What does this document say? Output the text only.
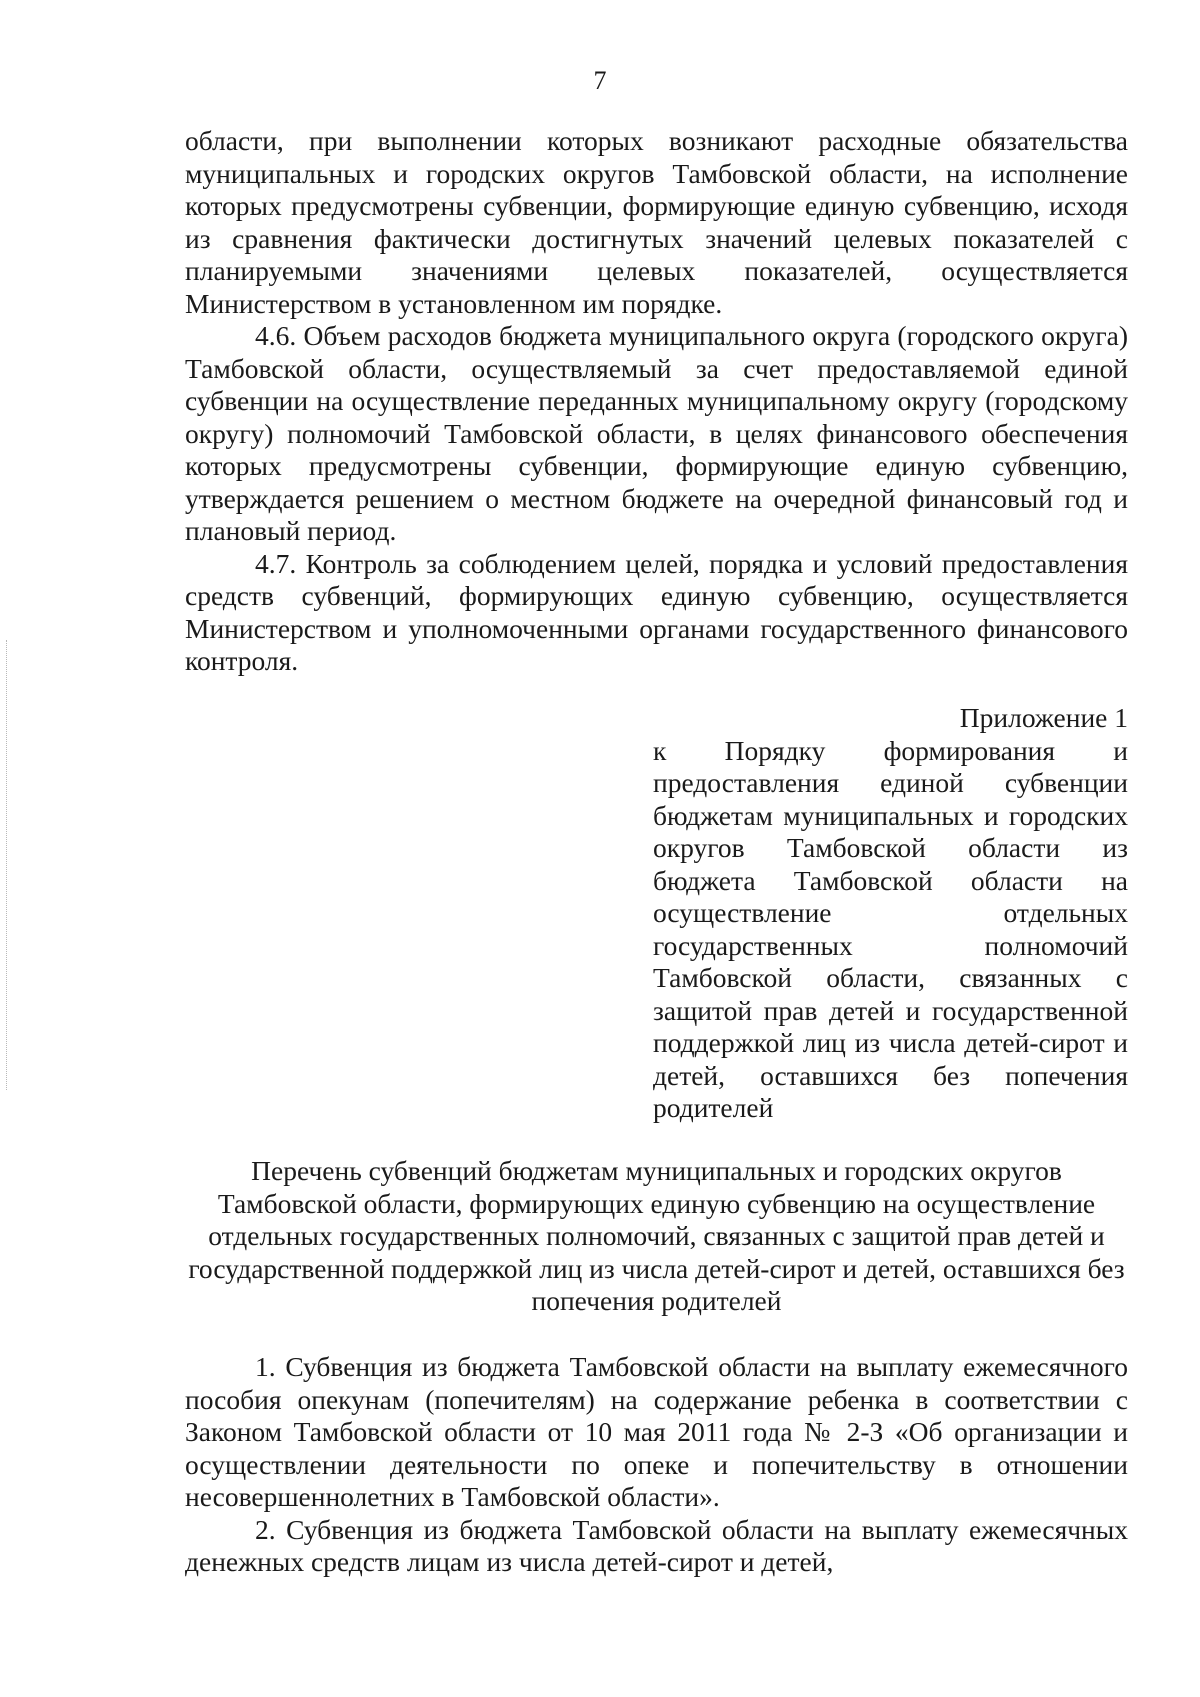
7

области, при выполнении которых возникают расходные обязательства муниципальных и городских округов Тамбовской области, на исполнение которых предусмотрены субвенции, формирующие единую субвенцию, исходя из сравнения фактически достигнутых значений целевых показателей с планируемыми значениями целевых показателей, осуществляется Министерством в установленном им порядке.

4.6. Объем расходов бюджета муниципального округа (городского округа) Тамбовской области, осуществляемый за счет предоставляемой единой субвенции на осуществление переданных муниципальному округу (городскому округу) полномочий Тамбовской области, в целях финансового обеспечения которых предусмотрены субвенции, формирующие единую субвенцию, утверждается решением о местном бюджете на очередной финансовый год и плановый период.

4.7. Контроль за соблюдением целей, порядка и условий предоставления средств субвенций, формирующих единую субвенцию, осуществляется Министерством и уполномоченными органами государственного финансового контроля.

Приложение 1

к Порядку формирования и предоставления единой субвенции бюджетам муниципальных и городских округов Тамбовской области из бюджета Тамбовской области на осуществление отдельных государственных полномочий Тамбовской области, связанных с защитой прав детей и государственной поддержкой лиц из числа детей-сирот и детей, оставшихся без попечения родителей

Перечень субвенций бюджетам муниципальных и городских округов Тамбовской области, формирующих единую субвенцию на осуществление отдельных государственных полномочий, связанных с защитой прав детей и государственной поддержкой лиц из числа детей-сирот и детей, оставшихся без попечения родителей

1. Субвенция из бюджета Тамбовской области на выплату ежемесячного пособия опекунам (попечителям) на содержание ребенка в соответствии с Законом Тамбовской области от 10 мая 2011 года № 2-З «Об организации и осуществлении деятельности по опеке и попечительству в отношении несовершеннолетних в Тамбовской области».

2. Субвенция из бюджета Тамбовской области на выплату ежемесячных денежных средств лицам из числа детей-сирот и детей,
